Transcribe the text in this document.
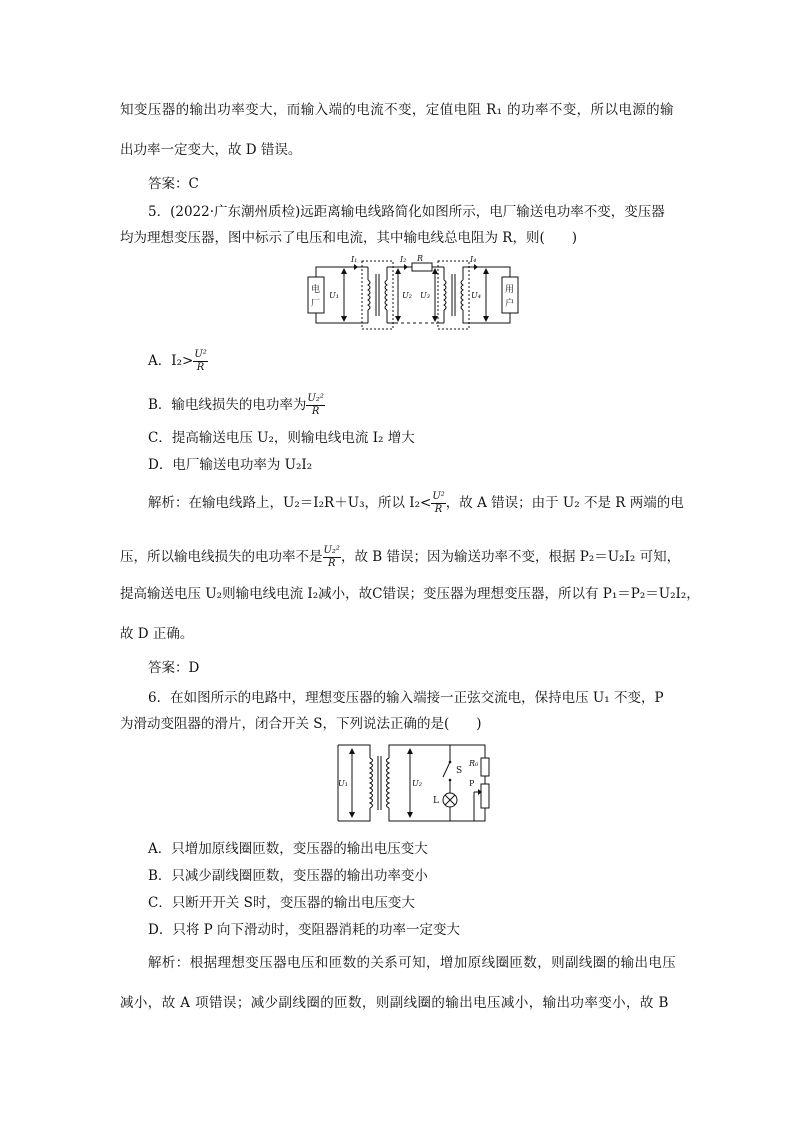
知变压器的输出功率变大，而输入端的电流不变，定值电阻 R₁ 的功率不变，所以电源的输
出功率一定变大，故 D 错误。
答案：C
5．(2022·广东潮州质检)远距离输电线路简化如图所示，电厂输送电功率不变，变压器
均为理想变压器，图中标示了电压和电流，其中输电线总电阻为 R，则(　　)
电
厂
用
户
I₁	I₂ R	I₄
U₁	U₂ U₃	U₄
A．$I_2> \frac{\text{U²}}{R}$
B．输电线损失的电功率为 $\frac{\text{U₂²}}{R}$
C．提高输送电压 U₂，则输电线电流 I₂ 增大
D．电厂输送电功率为 U₂I₂
解析：在输电线路上，U₂＝I₂R＋U₃，所以 $I_2< \frac{\text{U²}}{R}$ ，故 A 错误；由于 U₂ 不是 R 两端的电
压，所以输电线损失的电功率不是 $\frac{\text{U₂²}}{R}$ ，故 B 错误；因为输送功率不变，根据 P₂＝U₂I₂ 可知，
提高输送电压 U₂则输电线电流 I₂减小，故C错误；变压器为理想变压器，所以有 P₁＝P₂＝U₂I₂，
故 D 正确。
答案：D
6．在如图所示的电路中，理想变压器的输入端接一正弦交流电，保持电压 U₁ 不变，P
为滑动变阻器的滑片，闭合开关 S，下列说法正确的是(　　)
U₁	U₂
S
L
R₀
P
A．只增加原线圈匝数，变压器的输出电压变大
B．只减少副线圈匝数，变压器的输出功率变小
C．只断开开关 S时，变压器的输出电压变大
D．只将 P 向下滑动时，变阻器消耗的功率一定变大
解析：根据理想变压器电压和匝数的关系可知，增加原线圈匝数，则副线圈的输出电压
减小，故 A 项错误；减少副线圈的匝数，则副线圈的输出电压减小，输出功率变小，故 B
